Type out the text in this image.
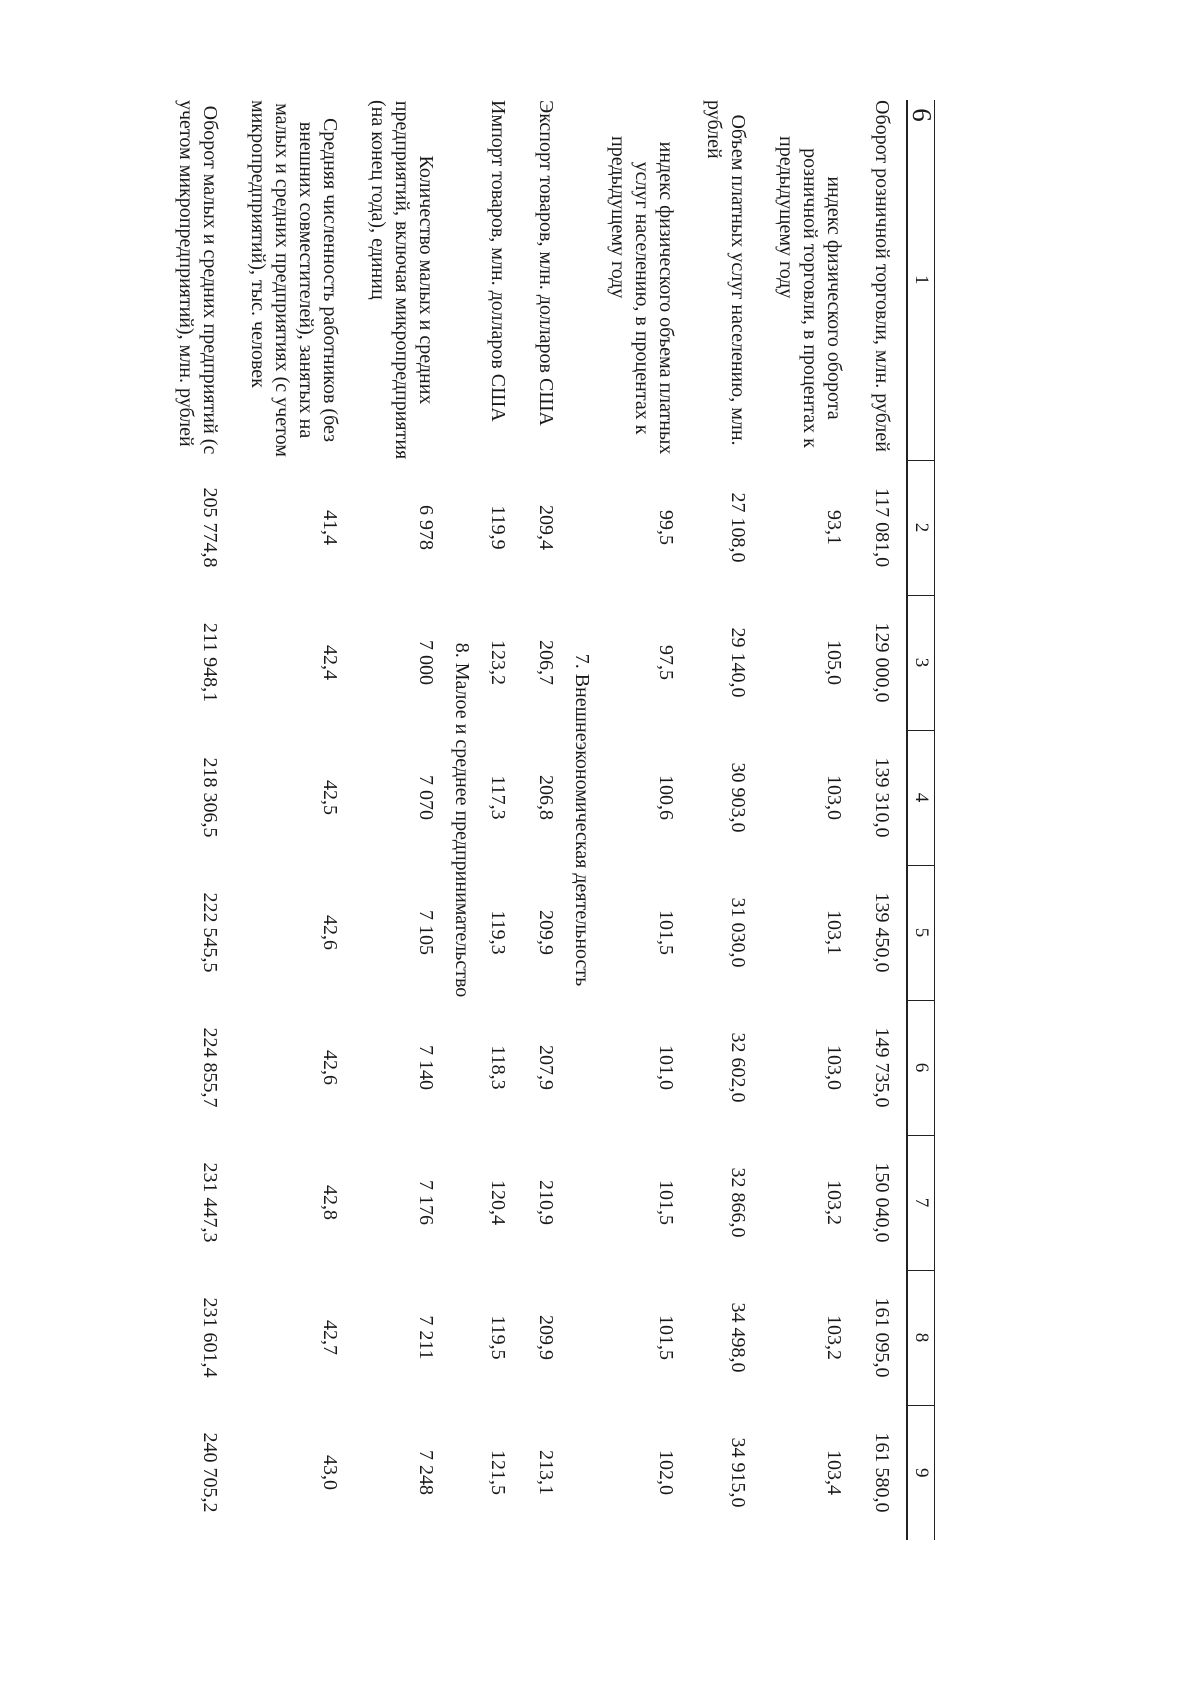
6
1	2	3	4	5	6	7	8	9
Оборот розничной торговли, млн. рублей	117 081,0	129 000,0	139 310,0	139 450,0	149 735,0	150 040,0	161 095,0	161 580,0
индекс физического оборота розничной торговли, в процентах к предыдущему году	93,1	105,0	103,0	103,1	103,0	103,2	103,2	103,4
Объем платных услуг населению, млн. рублей	27 108,0	29 140,0	30 903,0	31 030,0	32 602,0	32 866,0	34 498,0	34 915,0
индекс физического объема платных услуг населению, в процентах к предыдущему году	99,5	97,5	100,6	101,5	101,0	101,5	101,5	102,0
7. Внешнеэкономическая деятельность								
Экспорт товаров, млн. долларов США	209,4	206,7	206,8	209,9	207,9	210,9	209,9	213,1
Импорт товаров, млн. долларов США	119,9	123,2	117,3	119,3	118,3	120,4	119,5	121,5
8. Малое и среднее предпринимательство								
Количество малых и средних предприятий, включая микропредприятия (на конец года), единиц	6 978	7 000	7 070	7 105	7 140	7 176	7 211	7 248
Средняя численность работников (без внешних совместителей), занятых на малых и средних предприятиях (с учетом микропредприятий), тыс. человек	41,4	42,4	42,5	42,6	42,6	42,8	42,7	43,0
Оборот малых и средних предприятий (с учетом микропредприятий), млн. рублей	205 774,8	211 948,1	218 306,5	222 545,5	224 855,7	231 447,3	231 601,4	240 705,2
